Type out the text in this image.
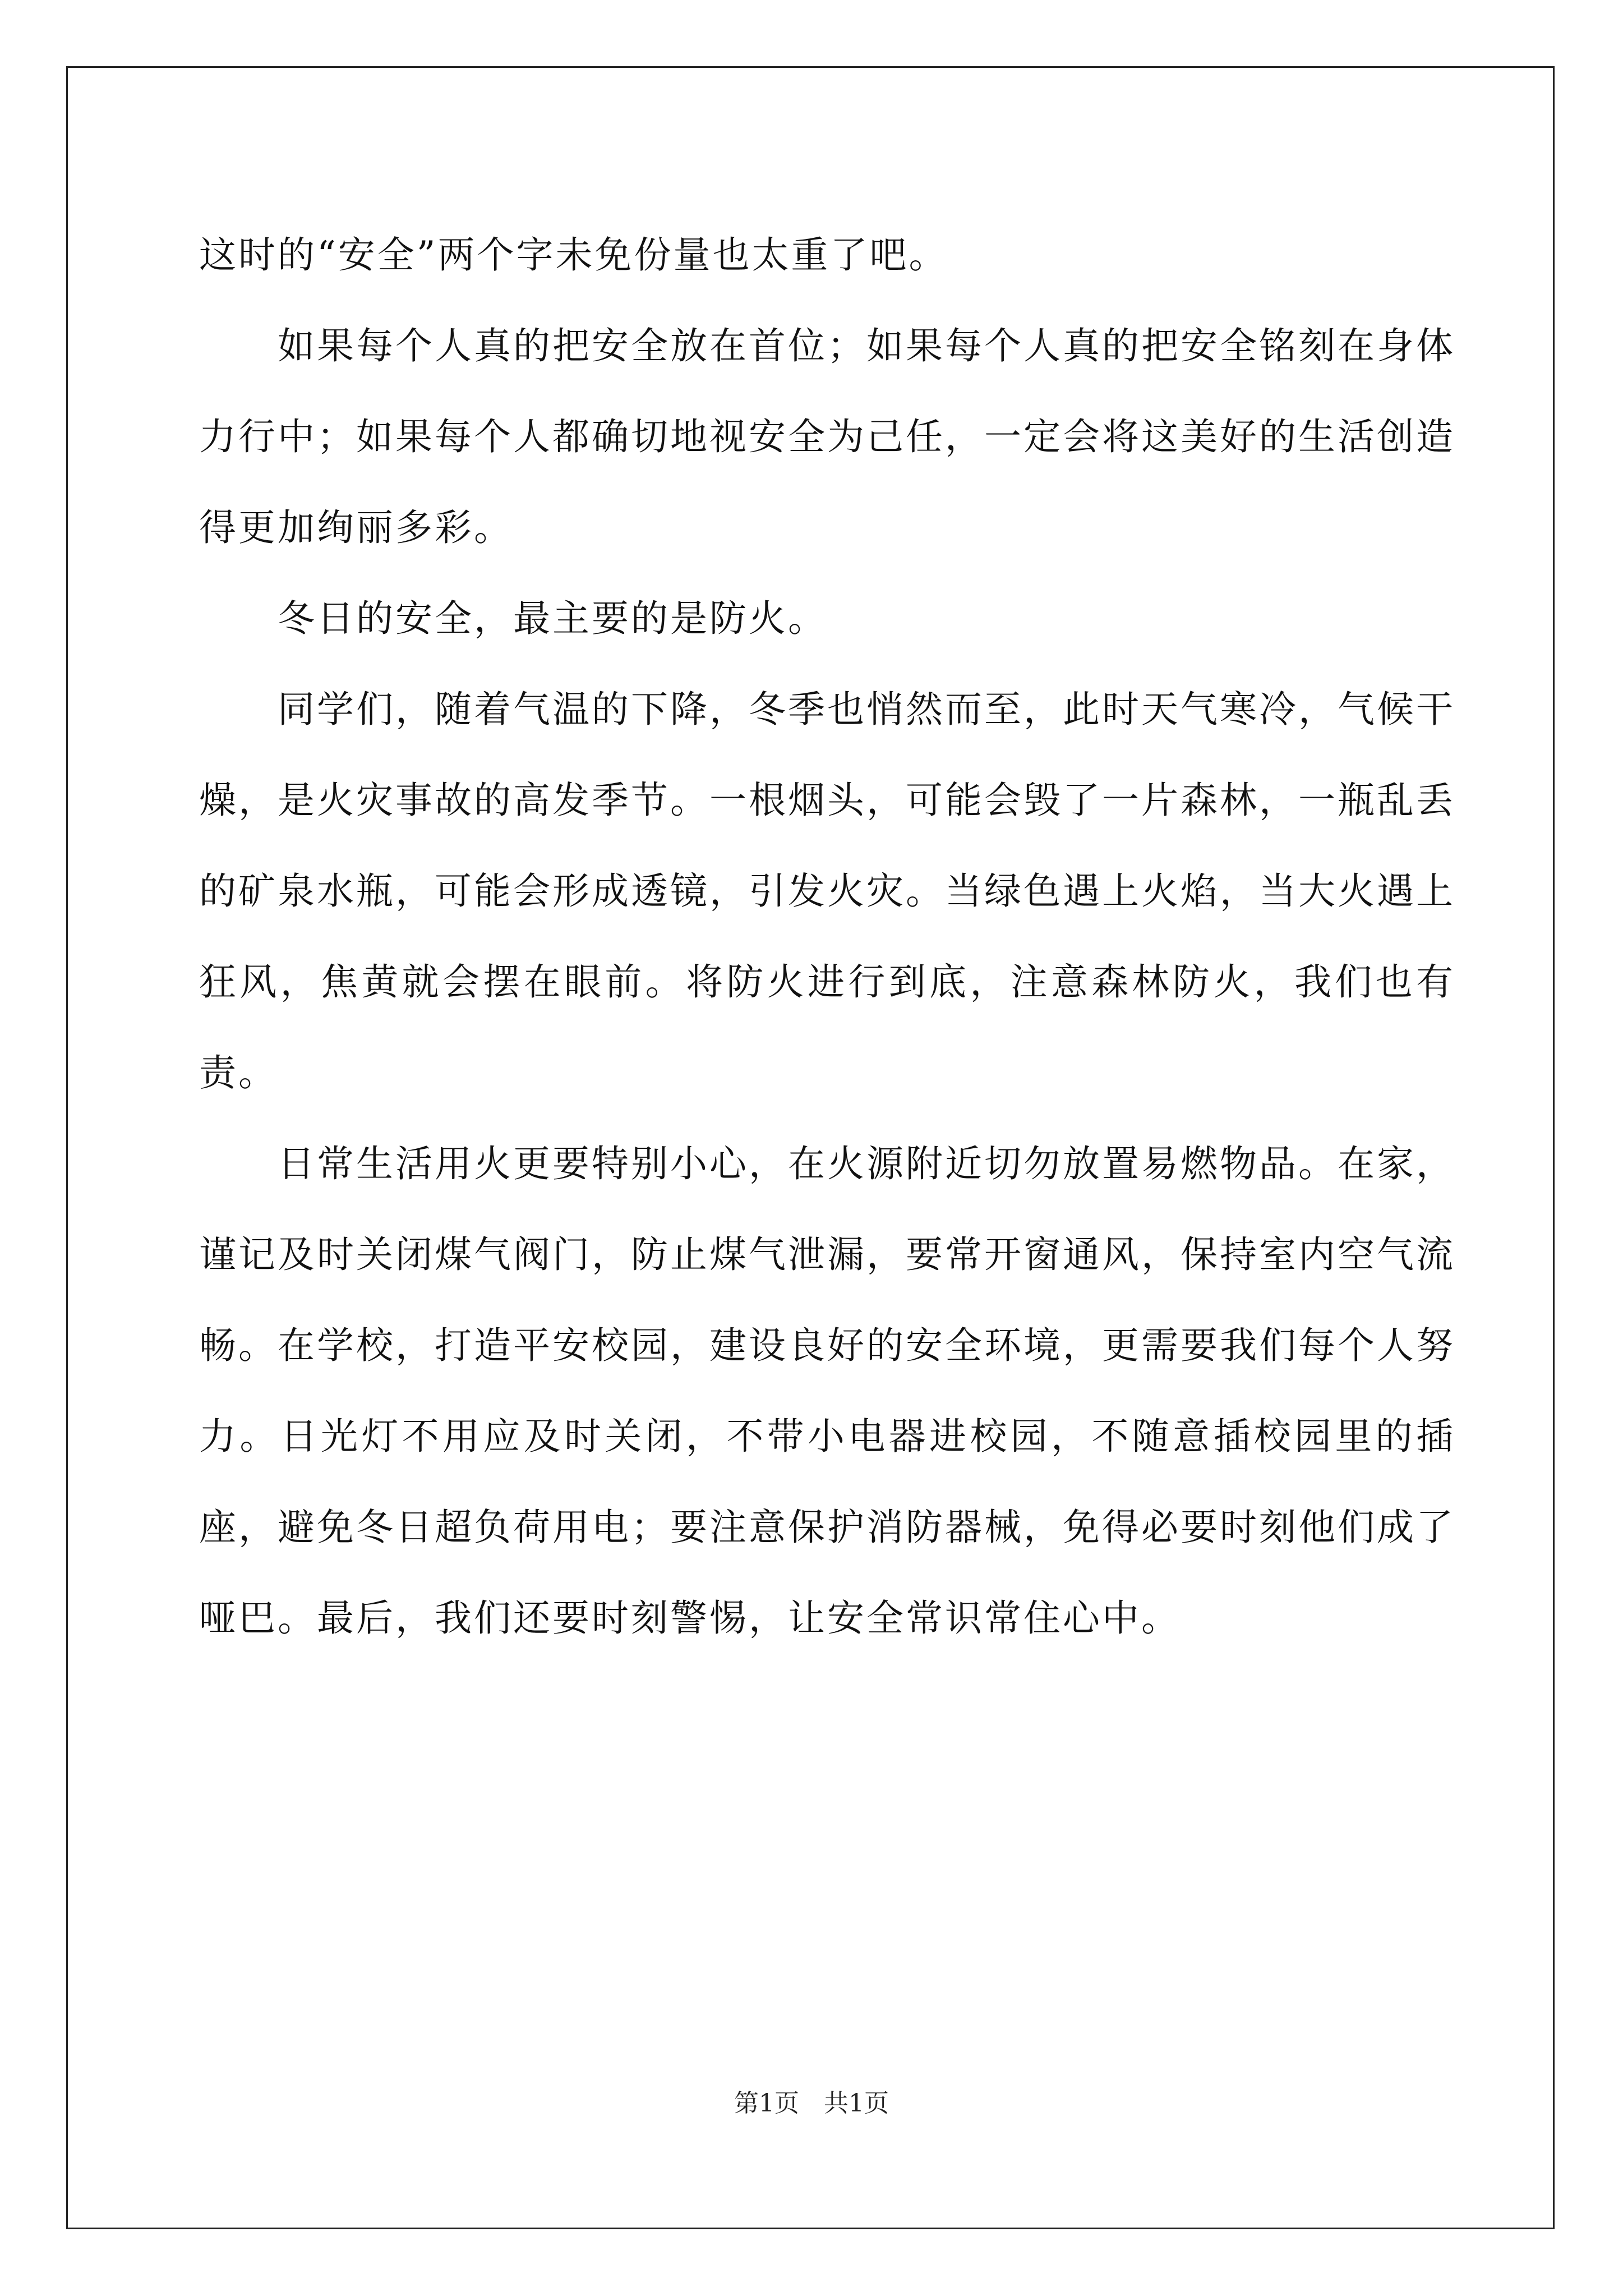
这时的“安全”两个字未免份量也太重了吧。

如果每个人真的把安全放在首位；如果每个人真的把安全铭刻在身体力行中；如果每个人都确切地视安全为己任，一定会将这美好的生活创造得更加绚丽多彩。

冬日的安全，最主要的是防火。

同学们，随着气温的下降，冬季也悄然而至，此时天气寒冷，气候干燥，是火灾事故的高发季节。一根烟头，可能会毁了一片森林，一瓶乱丢的矿泉水瓶，可能会形成透镜，引发火灾。当绿色遇上火焰，当大火遇上狂风，焦黄就会摆在眼前。将防火进行到底，注意森林防火，我们也有责。

日常生活用火更要特别小心，在火源附近切勿放置易燃物品。在家，谨记及时关闭煤气阀门，防止煤气泄漏，要常开窗通风，保持室内空气流畅。在学校，打造平安校园，建设良好的安全环境，更需要我们每个人努力。日光灯不用应及时关闭，不带小电器进校园，不随意插校园里的插座，避免冬日超负荷用电；要注意保护消防器械，免得必要时刻他们成了哑巴。最后，我们还要时刻警惕，让安全常识常住心中。

第1页　共1页
